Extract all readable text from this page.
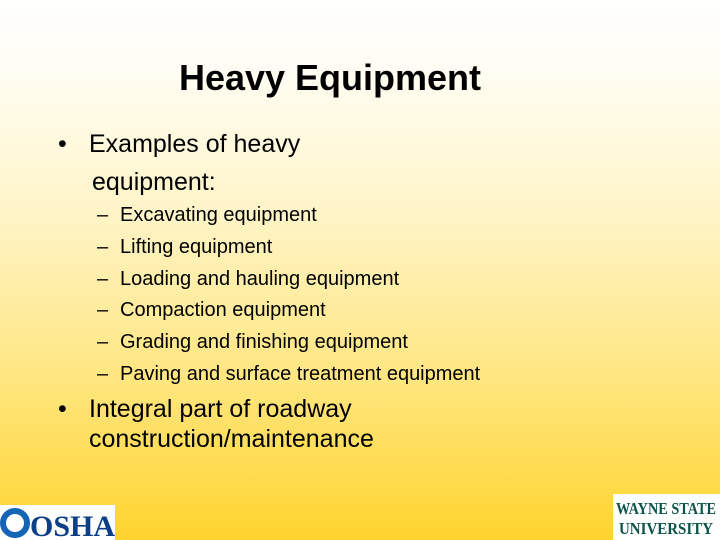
Heavy Equipment
• Examples of heavy
equipment:
– Excavating equipment
– Lifting equipment
– Loading and hauling equipment
– Compaction equipment
– Grading and finishing equipment
– Paving and surface treatment equipment
• Integral part of roadway
construction/maintenance
OSHA
WAYNE STATE
UNIVERSITY
